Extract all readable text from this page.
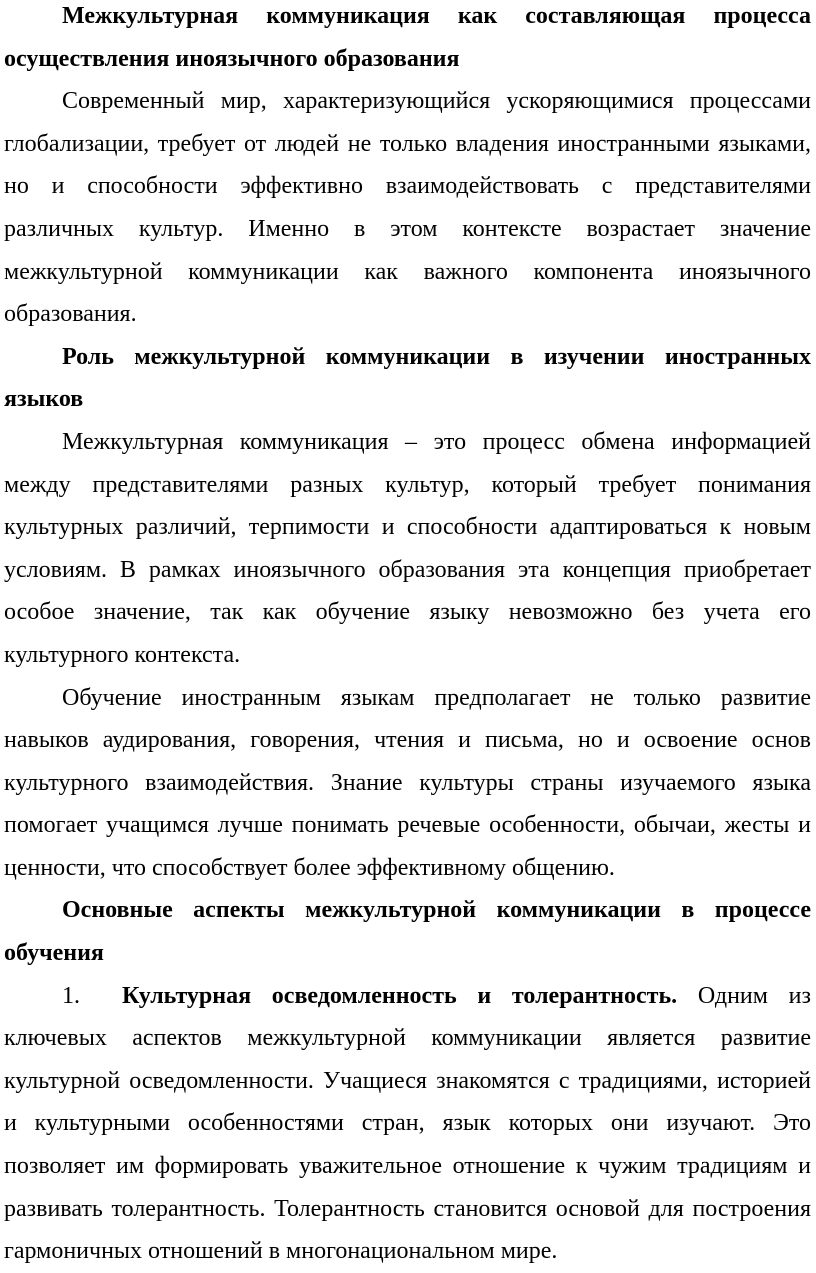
Межкультурная коммуникация как составляющая процесса осуществления иноязычного образования

Современный мир, характеризующийся ускоряющимися процессами глобализации, требует от людей не только владения иностранными языками, но и способности эффективно взаимодействовать с представителями различных культур. Именно в этом контексте возрастает значение межкультурной коммуникации как важного компонента иноязычного образования.

Роль межкультурной коммуникации в изучении иностранных языков

Межкультурная коммуникация – это процесс обмена информацией между представителями разных культур, который требует понимания культурных различий, терпимости и способности адаптироваться к новым условиям. В рамках иноязычного образования эта концепция приобретает особое значение, так как обучение языку невозможно без учета его культурного контекста.

Обучение иностранным языкам предполагает не только развитие навыков аудирования, говорения, чтения и письма, но и освоение основ культурного взаимодействия. Знание культуры страны изучаемого языка помогает учащимся лучше понимать речевые особенности, обычаи, жесты и ценности, что способствует более эффективному общению.

Основные аспекты межкультурной коммуникации в процессе обучения

1. Культурная осведомленность и толерантность. Одним из ключевых аспектов межкультурной коммуникации является развитие культурной осведомленности. Учащиеся знакомятся с традициями, историей и культурными особенностями стран, язык которых они изучают. Это позволяет им формировать уважительное отношение к чужим традициям и развивать толерантность. Толерантность становится основой для построения гармоничных отношений в многонациональном мире.
